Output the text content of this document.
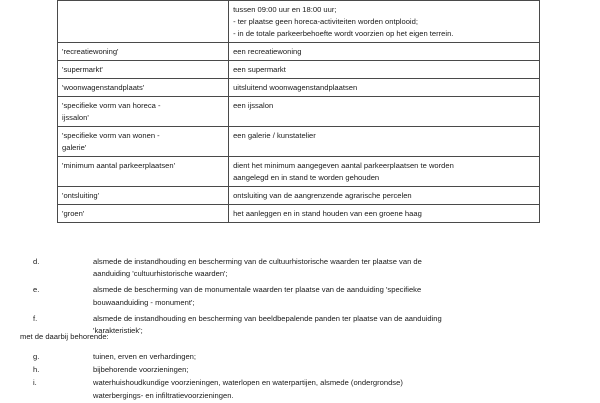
	tussen 09:00 uur en 18:00 uur;
- ter plaatse geen horeca-activiteiten worden ontplooid;
- in de totale parkeerbehoefte wordt voorzien op het eigen terrein.

'recreatiewoning'	een recreatiewoning

'supermarkt'	een supermarkt

'woonwagenstandplaats'	uitsluitend woonwagenstandplaatsen

'specifieke vorm van horeca -
ijssalon'	een ijssalon

'specifieke vorm van wonen -
galerie'	een galerie / kunstatelier

'minimum aantal parkeerplaatsen'	dient het minimum aangegeven aantal parkeerplaatsen te worden
aangelegd en in stand te worden gehouden

'ontsluiting'	ontsluiting van de aangrenzende agrarische percelen

'groen'	het aanleggen en in stand houden van een groene haag
d.	alsmede de instandhouding en bescherming van de cultuurhistorische waarden ter plaatse van de
aanduiding 'cultuurhistorische waarden';
e.	alsmede de bescherming van de monumentale waarden ter plaatse van de aanduiding 'specifieke
bouwaanduiding - monument';
f.	alsmede de instandhouding en bescherming van beeldbepalende panden ter plaatse van de aanduiding
'karakteristiek';
met de daarbij behorende:
g.	tuinen, erven en verhardingen;
h.	bijbehorende voorzieningen;
i.	waterhuishoudkundige voorzieningen, waterlopen en waterpartijen, alsmede (ondergrondse)
waterbergings- en infiltratievoorzieningen.
